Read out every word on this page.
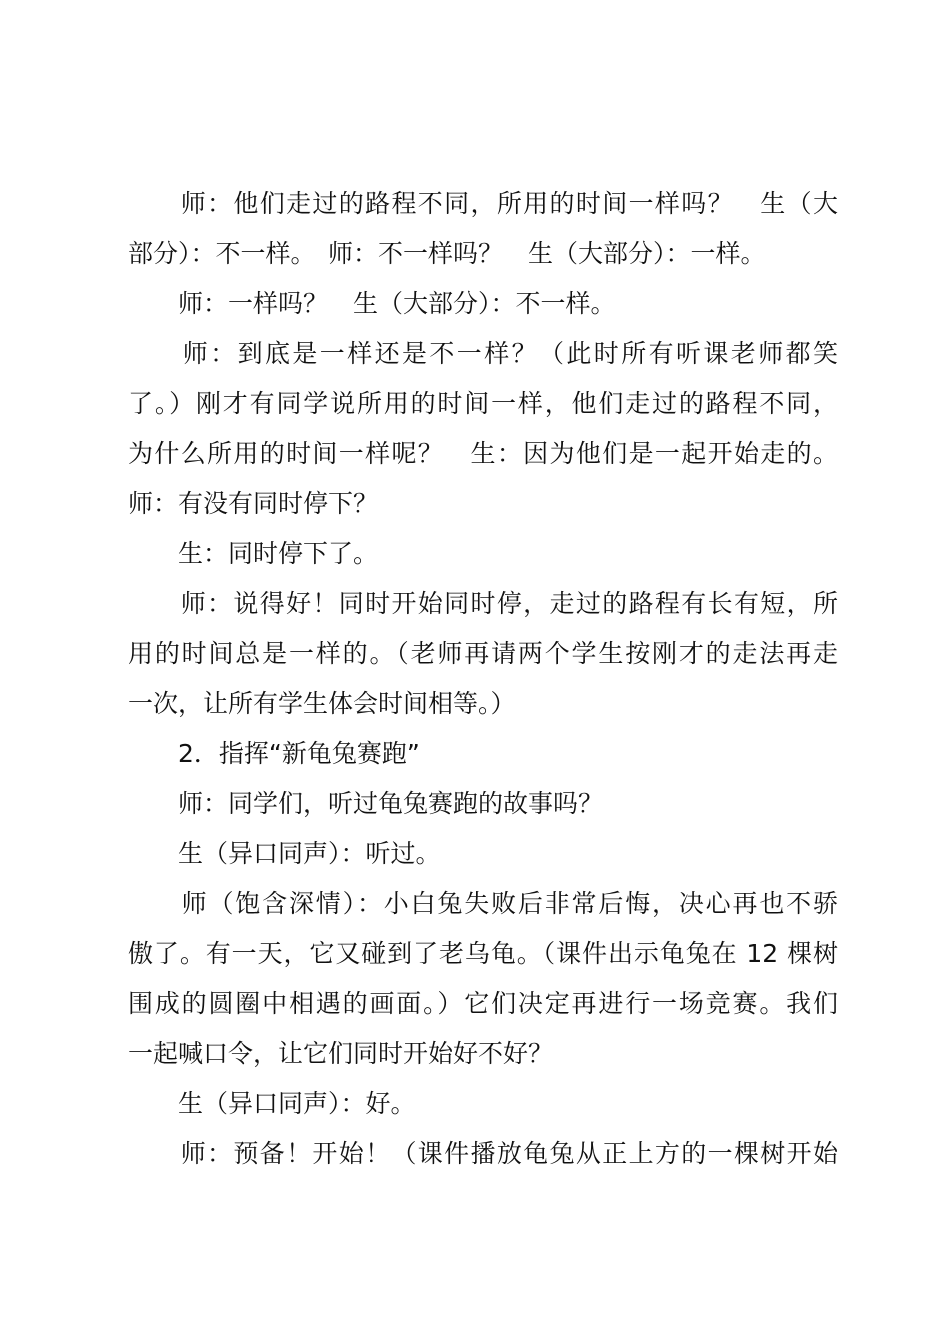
　　师：他们走过的路程不同，所用的时间一样吗？　生（大
部分）：不一样。　师：不一样吗？　生（大部分）：一样。
　　师：一样吗？　生（大部分）：不一样。
　　师：到底是一样还是不一样？（此时所有听课老师都笑
了。）刚才有同学说所用的时间一样，他们走过的路程不同，
为什么所用的时间一样呢？　生：因为他们是一起开始走的。
师：有没有同时停下？
　　生：同时停下了。
　　师：说得好！同时开始同时停，走过的路程有长有短，所
用的时间总是一样的。（老师再请两个学生按刚才的走法再走
一次，让所有学生体会时间相等。）
　　2．指挥“新龟兔赛跑”
　　师：同学们，听过龟兔赛跑的故事吗？
　　生（异口同声）：听过。
　　师（饱含深情）：小白兔失败后非常后悔，决心再也不骄
傲了。有一天，它又碰到了老乌龟。（课件出示龟兔在 12 棵树
围成的圆圈中相遇的画面。）它们决定再进行一场竞赛。我们
一起喊口令，让它们同时开始好不好？
　　生（异口同声）：好。
　　师：预备！开始！（课件播放龟兔从正上方的一棵树开始
